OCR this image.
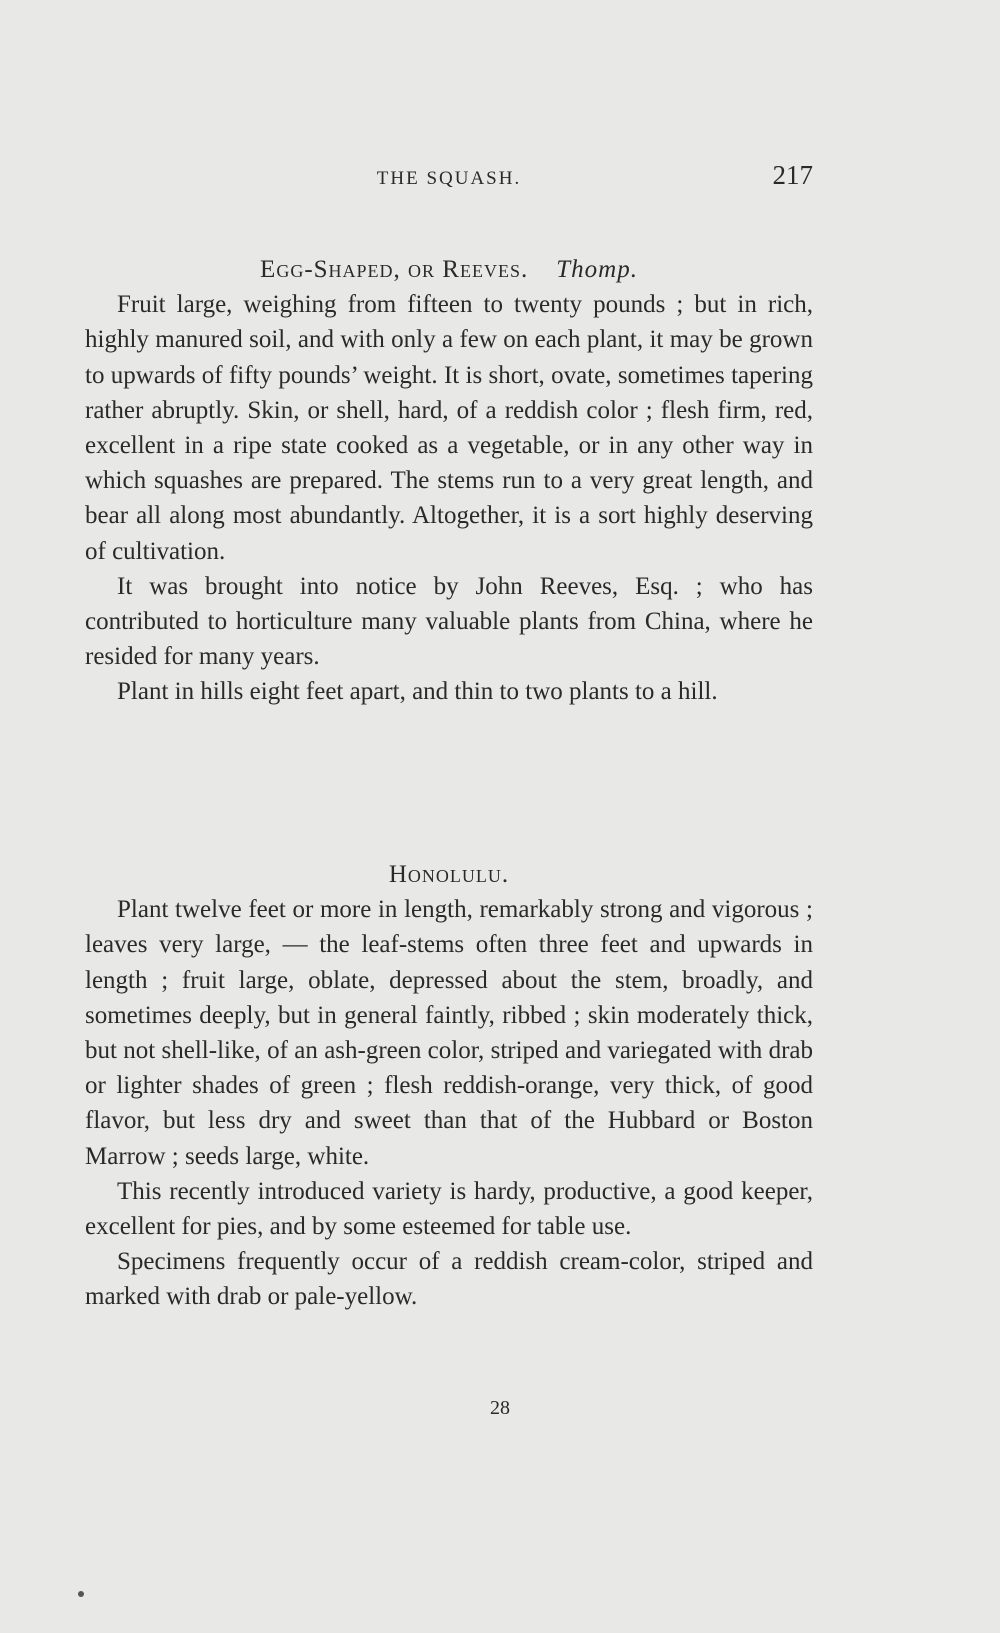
THE SQUASH.	217

Egg-Shaped, or Reeves. Thomp.

Fruit large, weighing from fifteen to twenty pounds ; but in rich, highly manured soil, and with only a few on each plant, it may be grown to upwards of fifty pounds’ weight. It is short, ovate, sometimes tapering rather abruptly. Skin, or shell, hard, of a reddish color ; flesh firm, red, excellent in a ripe state cooked as a vegetable, or in any other way in which squashes are prepared. The stems run to a very great length, and bear all along most abundantly. Altogether, it is a sort highly deserving of cultivation.

It was brought into notice by John Reeves, Esq. ; who has contributed to horticulture many valuable plants from China, where he resided for many years.

Plant in hills eight feet apart, and thin to two plants to a hill.

Honolulu.

Plant twelve feet or more in length, remarkably strong and vigorous ; leaves very large, — the leaf-stems often three feet and upwards in length ; fruit large, oblate, depressed about the stem, broadly, and sometimes deeply, but in general faintly, ribbed ; skin moderately thick, but not shell-like, of an ash-green color, striped and variegated with drab or lighter shades of green ; flesh reddish-orange, very thick, of good flavor, but less dry and sweet than that of the Hubbard or Boston Marrow ; seeds large, white.

This recently introduced variety is hardy, productive, a good keeper, excellent for pies, and by some esteemed for table use.

Specimens frequently occur of a reddish cream-color, striped and marked with drab or pale-yellow.

28
